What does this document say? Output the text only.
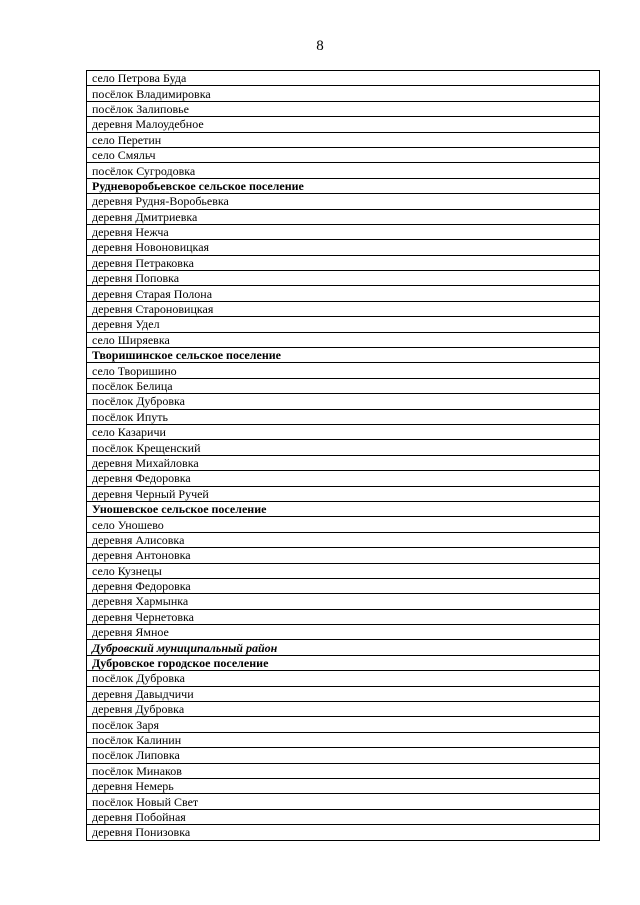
8
село Петрова Буда
посёлок Владимировка
посёлок Залиповье
деревня Малоудебное
село Перетин
село Смяльч
посёлок Сугродовка
Рудневоробьевское сельское поселение
деревня Рудня-Воробьевка
деревня Дмитриевка
деревня Нежча
деревня Новоновицкая
деревня Петраковка
деревня Поповка
деревня Старая Полона
деревня Староновицкая
деревня Удел
село Ширяевка
Творишинское сельское поселение
село Творишино
посёлок Белица
посёлок Дубровка
посёлок Ипуть
село Казаричи
посёлок Крещенский
деревня Михайловка
деревня Федоровка
деревня Черный Ручей
Уношевское сельское поселение
село Уношево
деревня Алисовка
деревня Антоновка
село Кузнецы
деревня Федоровка
деревня Хармынка
деревня Чернетовка
деревня Ямное
Дубровский муниципальный район
Дубровское городское поселение
посёлок Дубровка
деревня Давыдчичи
деревня Дубровка
посёлок Заря
посёлок Калинин
посёлок Липовка
посёлок Минаков
деревня Немерь
посёлок Новый Свет
деревня Побойная
деревня Понизовка
